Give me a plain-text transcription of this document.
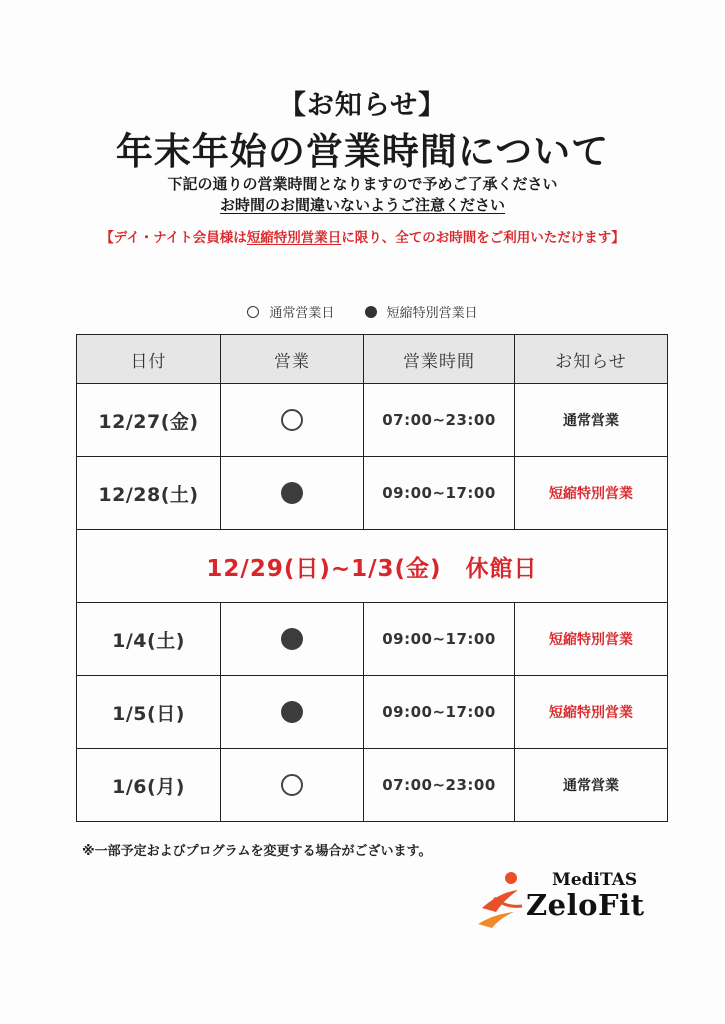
【お知らせ】
年末年始の営業時間について
下記の通りの営業時間となりますので予めご了承ください
お時間のお間違いないようご注意ください
【デイ・ナイト会員様は短縮特別営業日に限り、全てのお時間をご利用いただけます】
通常営業日	短縮特別営業日
日付	営業	営業時間	お知らせ
12/27(金)		07:00~23:00	通常営業
12/28(土)		09:00~17:00	短縮特別営業
12/29(日)~1/3(金)　休館日			
1/4(土)		09:00~17:00	短縮特別営業
1/5(日)		09:00~17:00	短縮特別営業
1/6(月)		07:00~23:00	通常営業
※一部予定およびプログラムを変更する場合がございます。
MediTAS
ZeloFit
